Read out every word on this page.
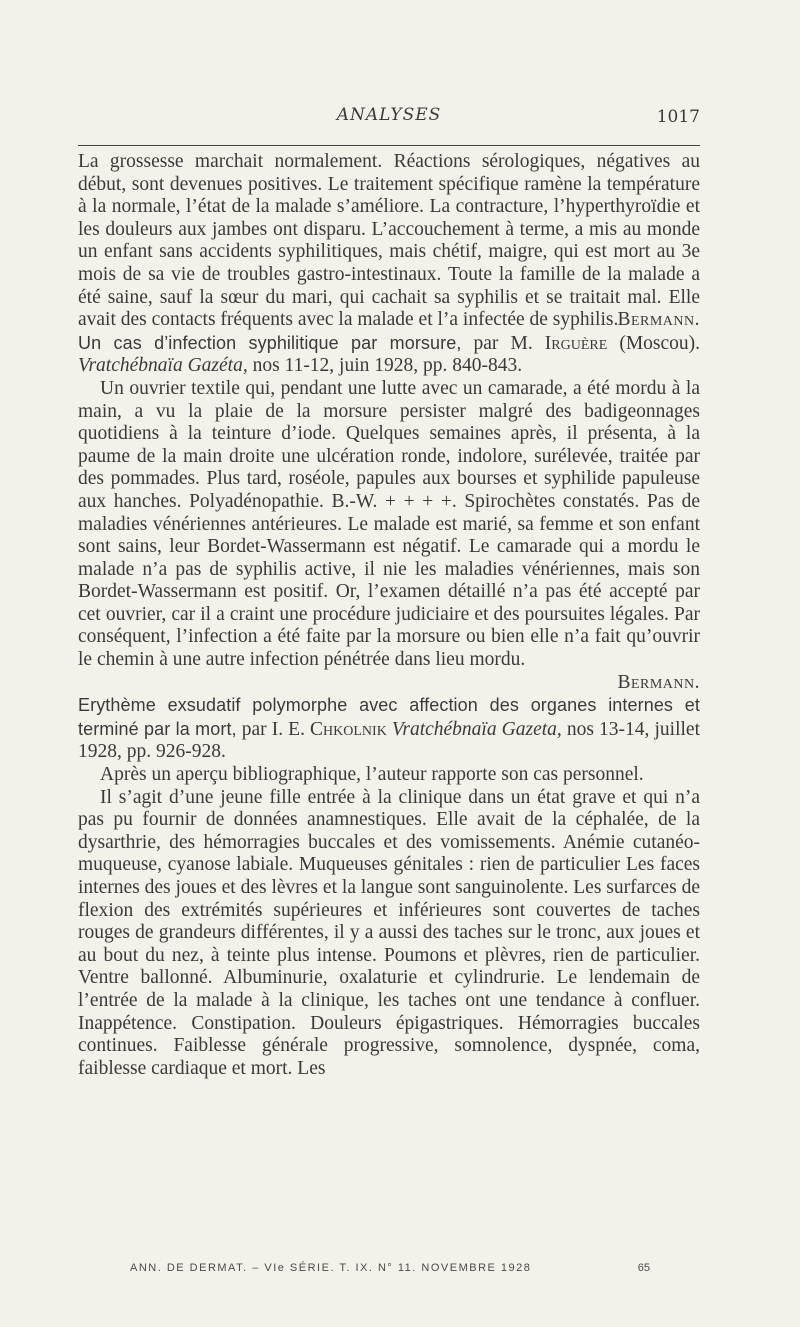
ANALYSES	1017

La grossesse marchait normalement. Réactions sérologiques, négatives au début, sont devenues positives. Le traitement spécifique ramène la température à la normale, l’état de la malade s’améliore. La contracture, l’hyperthyroïdie et les douleurs aux jambes ont disparu. L’accouchement à terme, a mis au monde un enfant sans accidents syphilitiques, mais chétif, maigre, qui est mort au 3e mois de sa vie de troubles gastro-intestinaux. Toute la famille de la malade a été saine, sauf la sœur du mari, qui cachait sa syphilis et se traitait mal. Elle avait des contacts fréquents avec la malade et l’a infectée de syphilis. Bermann.

Un cas d’infection syphilitique par morsure, par M. Irguère (Moscou). Vratchébnaïa Gazéta, nos 11-12, juin 1928, pp. 840-843.

Un ouvrier textile qui, pendant une lutte avec un camarade, a été mordu à la main, a vu la plaie de la morsure persister malgré des badigeonnages quotidiens à la teinture d’iode. Quelques semaines après, il présenta, à la paume de la main droite une ulcération ronde, indolore, surélevée, traitée par des pommades. Plus tard, roséole, papules aux bourses et syphilide papuleuse aux hanches. Polyadénopathie. B.-W. + + + +. Spirochètes constatés. Pas de maladies vénériennes antérieures. Le malade est marié, sa femme et son enfant sont sains, leur Bordet-Wassermann est négatif. Le camarade qui a mordu le malade n’a pas de syphilis active, il nie les maladies vénériennes, mais son Bordet-Wassermann est positif. Or, l’examen détaillé n’a pas été accepté par cet ouvrier, car il a craint une procédure judiciaire et des poursuites légales. Par conséquent, l’infection a été faite par la morsure ou bien elle n’a fait qu’ouvrir le chemin à une autre infection pénétrée dans lieu mordu.

Bermann.

Erythème exsudatif polymorphe avec affection des organes internes et terminé par la mort, par I. E. Chkolnik Vratchébnaïa Gazeta, nos 13-14, juillet 1928, pp. 926-928.

Après un aperçu bibliographique, l’auteur rapporte son cas personnel.

Il s’agit d’une jeune fille entrée à la clinique dans un état grave et qui n’a pas pu fournir de données anamnestiques. Elle avait de la céphalée, de la dysarthrie, des hémorragies buccales et des vomissements. Anémie cutanéo-muqueuse, cyanose labiale. Muqueuses génitales : rien de particulier Les faces internes des joues et des lèvres et la langue sont sanguinolente. Les surfarces de flexion des extrémités supérieures et inférieures sont couvertes de taches rouges de grandeurs différentes, il y a aussi des taches sur le tronc, aux joues et au bout du nez, à teinte plus intense. Poumons et plèvres, rien de particulier. Ventre ballonné. Albuminurie, oxalaturie et cylindrurie. Le lendemain de l’entrée de la malade à la clinique, les taches ont une tendance à confluer. Inappétence. Constipation. Douleurs épigastriques. Hémorragies buccales continues. Faiblesse générale progressive, somnolence, dyspnée, coma, faiblesse cardiaque et mort. Les

ANN. DE DERMAT. – VIe SÉRIE. T. IX. N° 11. NOVEMBRE 1928	65
